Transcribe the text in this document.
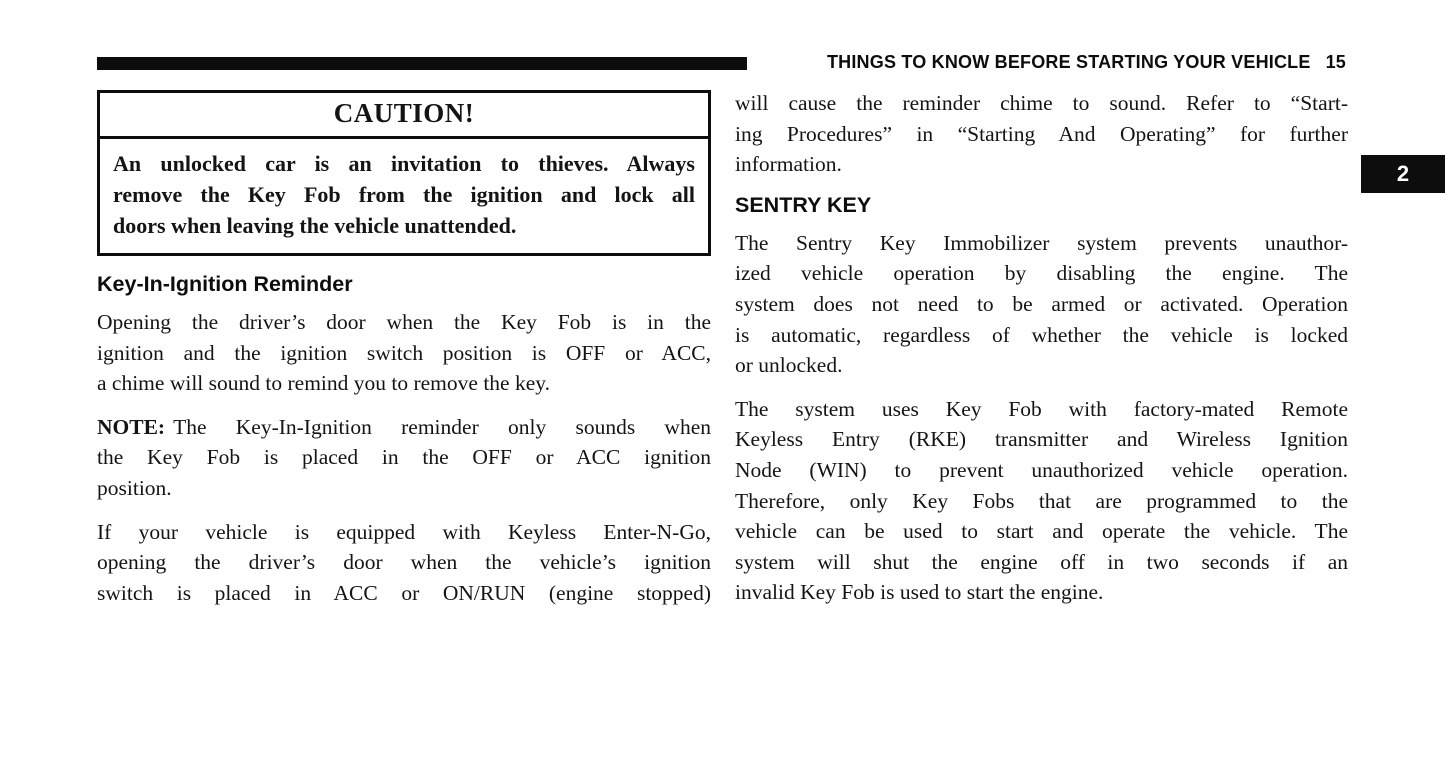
THINGS TO KNOW BEFORE STARTING YOUR VEHICLE 15
2
CAUTION!
An unlocked car is an invitation to thieves. Always
remove the Key Fob from the ignition and lock all
doors when leaving the vehicle unattended.
Key-In-Ignition Reminder
Opening the driver’s door when the Key Fob is in the
ignition and the ignition switch position is OFF or ACC,
a chime will sound to remind you to remove the key.
NOTE: The Key-In-Ignition reminder only sounds when
the Key Fob is placed in the OFF or ACC ignition
position.
If your vehicle is equipped with Keyless Enter-N-Go,
opening the driver’s door when the vehicle’s ignition
switch is placed in ACC or ON/RUN (engine stopped)
will cause the reminder chime to sound. Refer to “Start-
ing Procedures” in “Starting And Operating” for further
information.
SENTRY KEY
The Sentry Key Immobilizer system prevents unauthor-
ized vehicle operation by disabling the engine. The
system does not need to be armed or activated. Operation
is automatic, regardless of whether the vehicle is locked
or unlocked.
The system uses Key Fob with factory-mated Remote
Keyless Entry (RKE) transmitter and Wireless Ignition
Node (WIN) to prevent unauthorized vehicle operation.
Therefore, only Key Fobs that are programmed to the
vehicle can be used to start and operate the vehicle. The
system will shut the engine off in two seconds if an
invalid Key Fob is used to start the engine.
